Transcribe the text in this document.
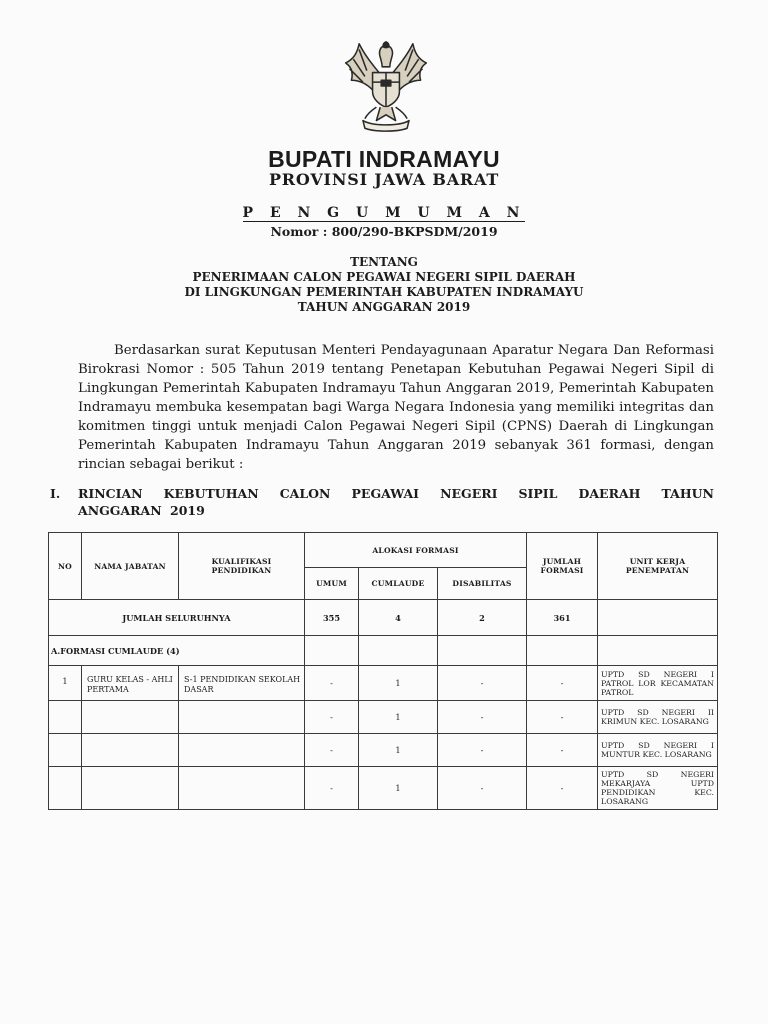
BUPATI INDRAMAYU
PROVINSI JAWA BARAT
P E N G U M U M A N
Nomor : 800/290-BKPSDM/2019
TENTANG
PENERIMAAN CALON PEGAWAI NEGERI SIPIL DAERAH
DI LINGKUNGAN PEMERINTAH KABUPATEN INDRAMAYU
TAHUN ANGGARAN 2019

Berdasarkan surat Keputusan Menteri Pendayagunaan Aparatur Negara Dan Reformasi Birokrasi Nomor : 505 Tahun 2019 tentang Penetapan Kebutuhan Pegawai Negeri Sipil di Lingkungan Pemerintah Kabupaten Indramayu Tahun Anggaran 2019, Pemerintah Kabupaten Indramayu membuka kesempatan bagi Warga Negara Indonesia yang memiliki integritas dan komitmen tinggi untuk menjadi Calon Pegawai Negeri Sipil (CPNS) Daerah di Lingkungan Pemerintah Kabupaten Indramayu Tahun Anggaran 2019 sebanyak 361 formasi, dengan rincian sebagai berikut :

I.	RINCIAN KEBUTUHAN CALON PEGAWAI NEGERI SIPIL DAERAH TAHUN ANGGARAN 2019
NO	NAMA JABATAN	KUALIFIKASI PENDIDIKAN	ALOKASI FORMASI			JUMLAH FORMASI	UNIT KERJA PENEMPATAN
			UMUM	CUMLAUDE	DISABILITAS		
JUMLAH SELURUHNYA			355	4	2	361	
A.FORMASI CUMLAUDE (4)							
1	GURU KELAS - AHLI PERTAMA	S-1 PENDIDIKAN SEKOLAH DASAR	-	1	-	-	UPTD SD NEGERI I PATROL LOR KECAMATAN PATROL
			-	1	-	-	UPTD SD NEGERI II KRIMUN KEC. LOSARANG
			-	1	-	-	UPTD SD NEGERI I MUNTUR KEC. LOSARANG
			-	1	-	-	UPTD SD NEGERI MEKARJAYA UPTD PENDIDIKAN KEC. LOSARANG
